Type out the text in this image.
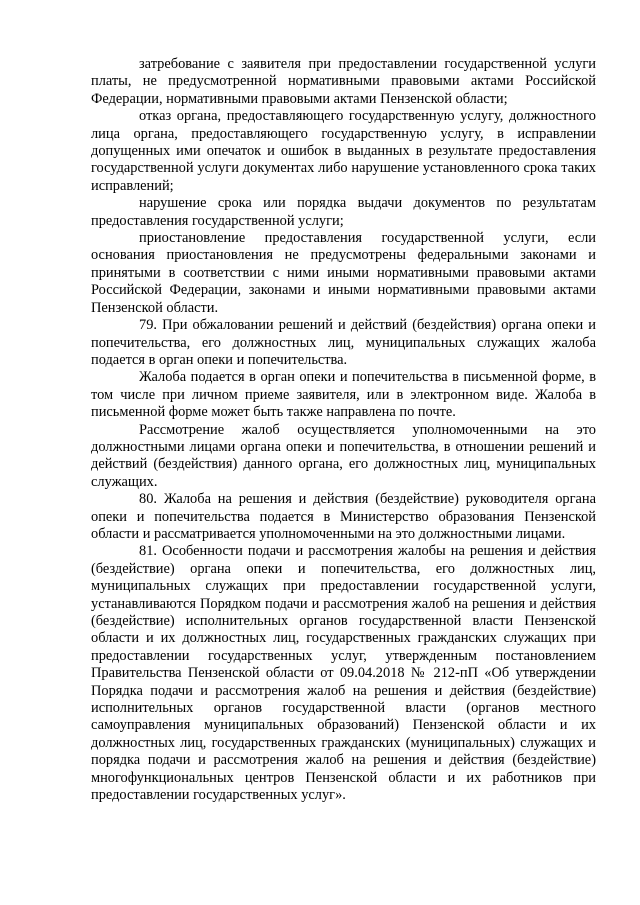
затребование с заявителя при предоставлении государственной услуги платы, не предусмотренной нормативными правовыми актами Российской Федерации, нормативными правовыми актами Пензенской области;

отказ органа, предоставляющего государственную услугу, должностного лица органа, предоставляющего государственную услугу, в исправлении допущенных ими опечаток и ошибок в выданных в результате предоставления государственной услуги документах либо нарушение установленного срока таких исправлений;

нарушение срока или порядка выдачи документов по результатам предоставления государственной услуги;

приостановление предоставления государственной услуги, если основания приостановления не предусмотрены федеральными законами и принятыми в соответствии с ними иными нормативными правовыми актами Российской Федерации, законами и иными нормативными правовыми актами Пензенской области.

79. При обжаловании решений и действий (бездействия) органа опеки и попечительства, его должностных лиц, муниципальных служащих жалоба подается в орган опеки и попечительства.

Жалоба подается в орган опеки и попечительства в письменной форме, в том числе при личном приеме заявителя, или в электронном виде. Жалоба в письменной форме может быть также направлена по почте.

Рассмотрение жалоб осуществляется уполномоченными на это должностными лицами органа опеки и попечительства, в отношении решений и действий (бездействия) данного органа, его должностных лиц, муниципальных служащих.

80. Жалоба на решения и действия (бездействие) руководителя органа опеки и попечительства подается в Министерство образования Пензенской области и рассматривается уполномоченными на это должностными лицами.

81. Особенности подачи и рассмотрения жалобы на решения и действия (бездействие) органа опеки и попечительства, его должностных лиц, муниципальных служащих при предоставлении государственной услуги, устанавливаются Порядком подачи и рассмотрения жалоб на решения и действия (бездействие) исполнительных органов государственной власти Пензенской области и их должностных лиц, государственных гражданских служащих при предоставлении государственных услуг, утвержденным постановлением Правительства Пензенской области от 09.04.2018 № 212-пП «Об утверждении Порядка подачи и рассмотрения жалоб на решения и действия (бездействие) исполнительных органов государственной власти (органов местного самоуправления муниципальных образований) Пензенской области и их должностных лиц, государственных гражданских (муниципальных) служащих и порядка подачи и рассмотрения жалоб на решения и действия (бездействие) многофункциональных центров Пензенской области и их работников при предоставлении государственных услуг».
